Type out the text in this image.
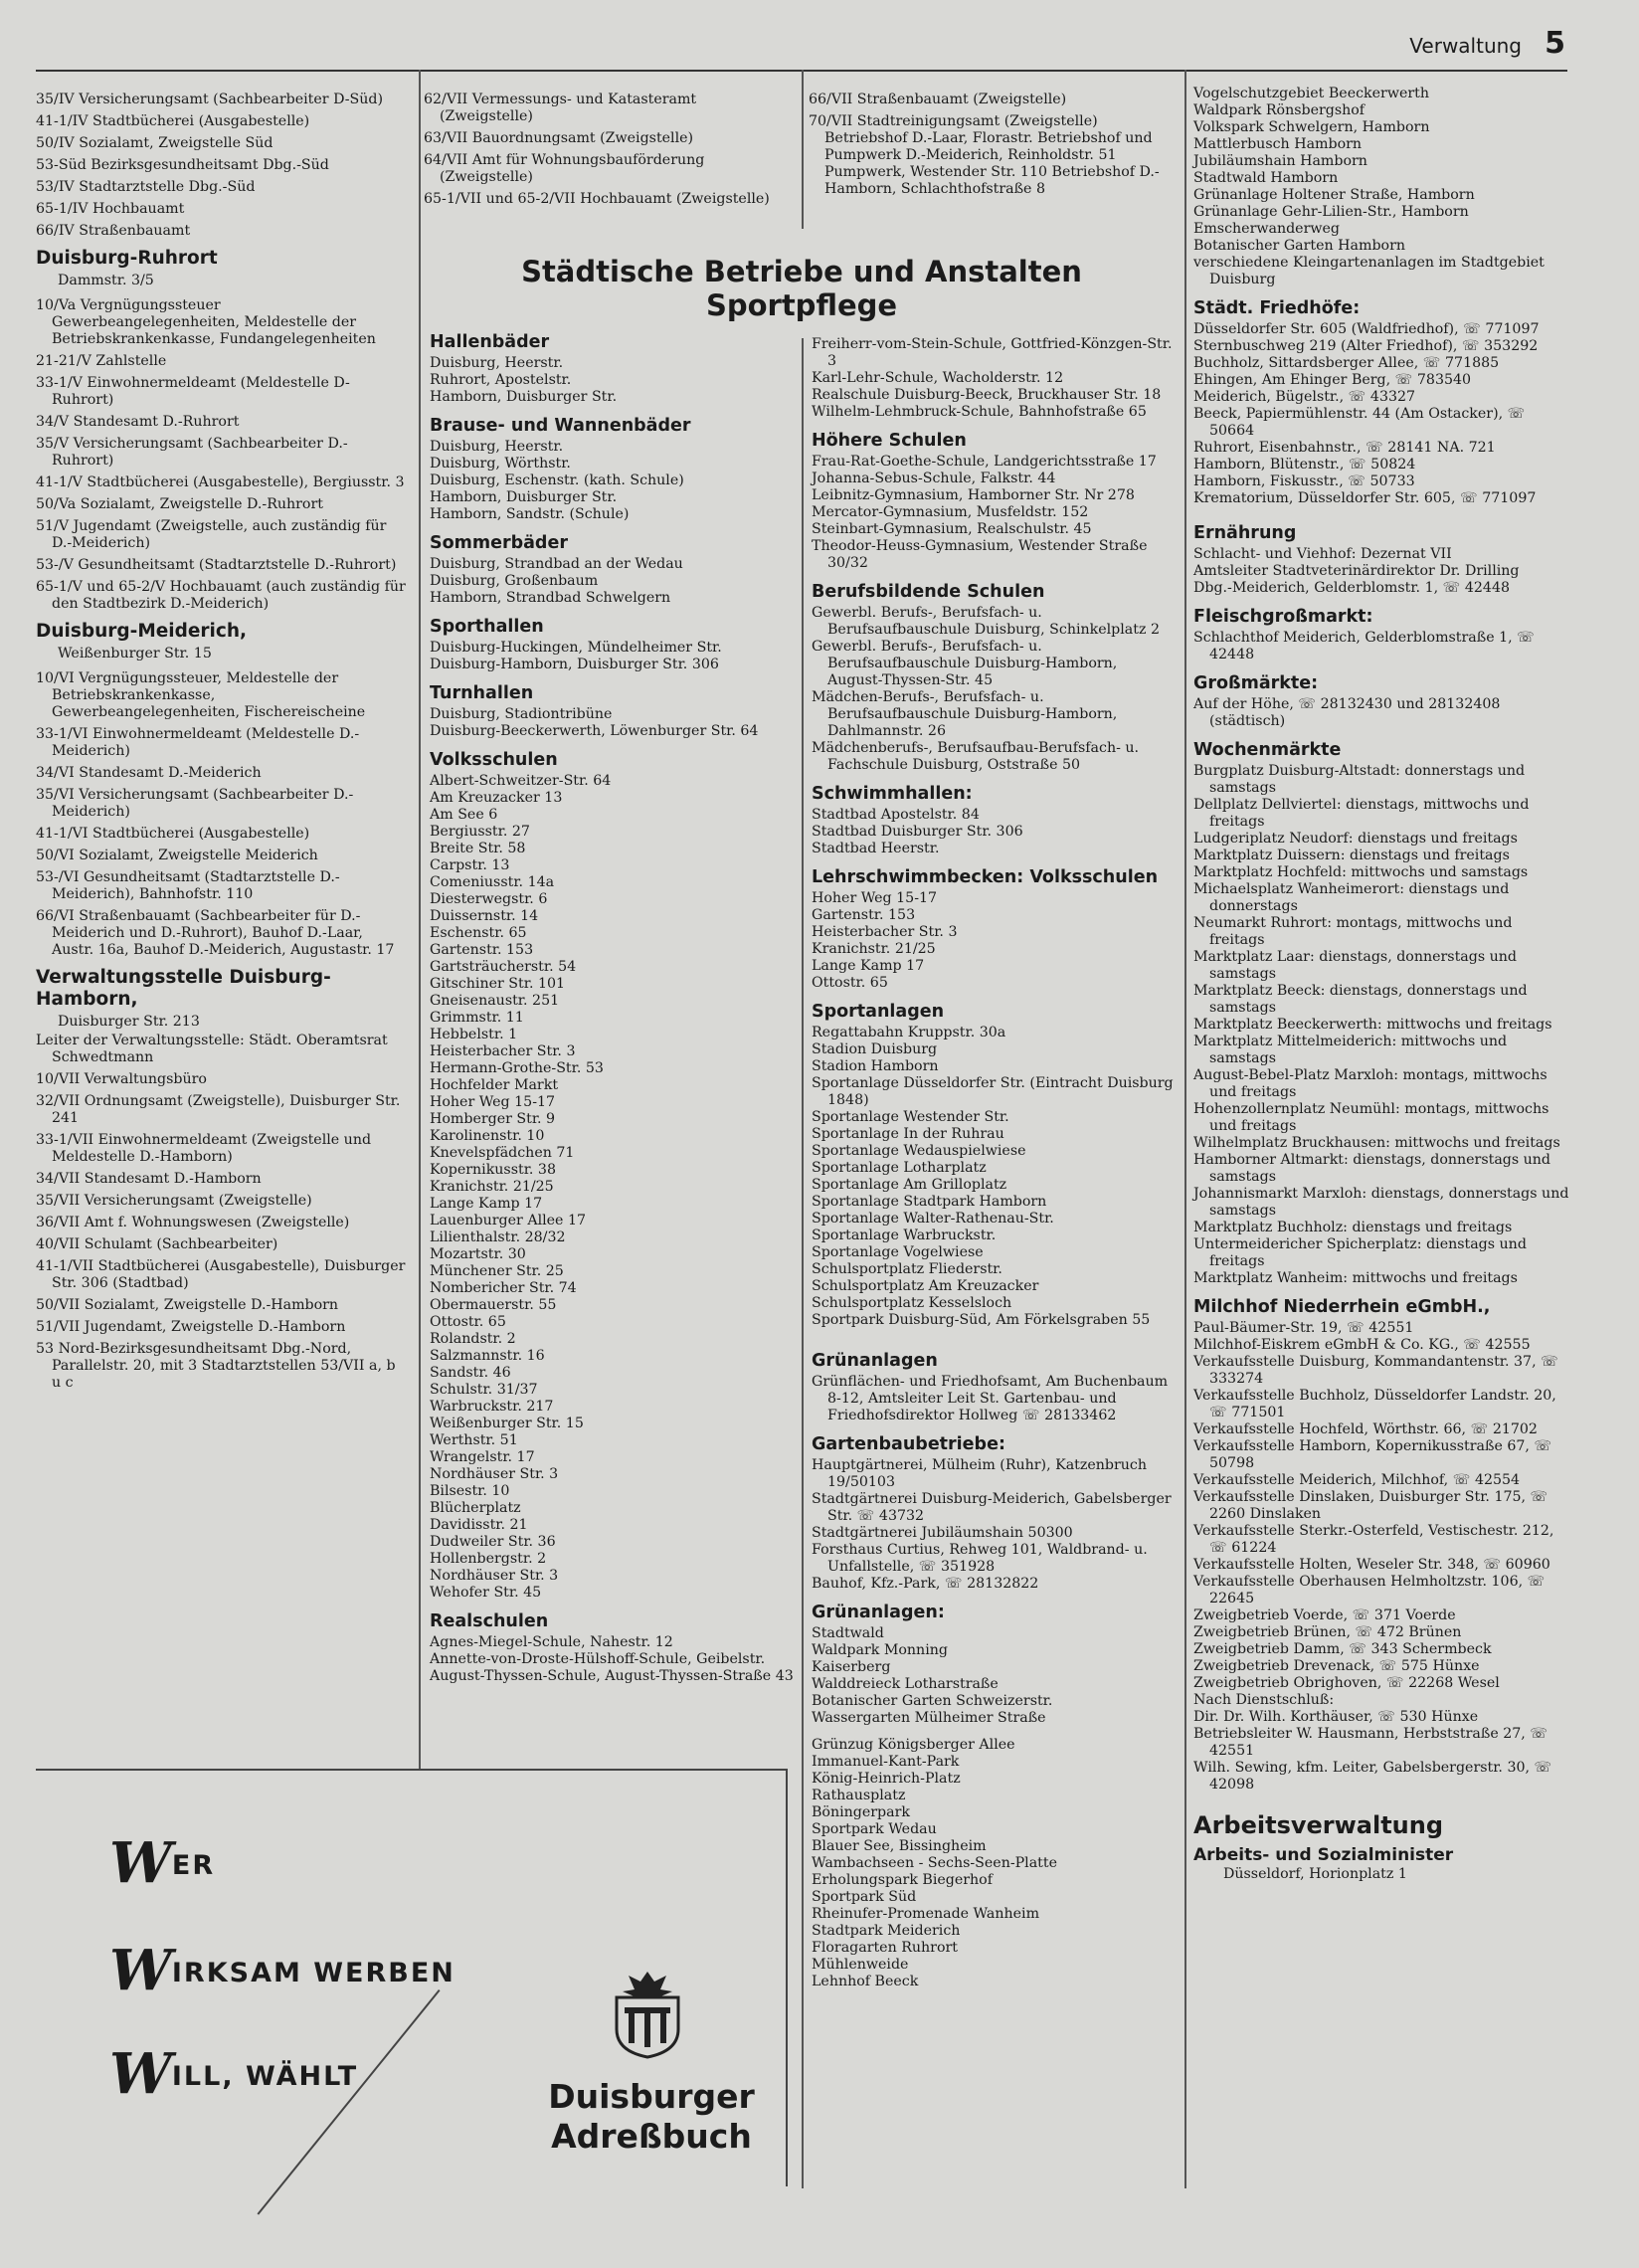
Verwaltung 5
35/IV Versicherungsamt (Sachbearbeiter D-Süd)
41-1/IV Stadtbücherei (Ausgabestelle)
50/IV Sozialamt, Zweigstelle Süd
53-Süd Bezirksgesundheitsamt Dbg.-Süd
53/IV Stadtarztstelle Dbg.-Süd
65-1/IV Hochbauamt
66/IV Straßenbauamt
Duisburg-Ruhrort
Dammstr. 3/5
10/Va Vergnügungssteuer Gewerbeangelegenheiten, Meldestelle der Betriebskrankenkasse, Fundangelegenheiten
21-21/V Zahlstelle
33-1/V Einwohnermeldeamt (Meldestelle D-Ruhrort)
34/V Standesamt D.-Ruhrort
35/V Versicherungsamt (Sachbearbeiter D.-Ruhrort)
41-1/V Stadtbücherei (Ausgabestelle), Bergiusstr. 3
50/Va Sozialamt, Zweigstelle D.-Ruhrort
51/V Jugendamt (Zweigstelle, auch zuständig für D.-Meiderich)
53-/V Gesundheitsamt (Stadtarztstelle D.-Ruhrort)
65-1/V und 65-2/V Hochbauamt (auch zuständig für den Stadtbezirk D.-Meiderich)
Duisburg-Meiderich,
Weißenburger Str. 15
10/VI Vergnügungssteuer, Meldestelle der Betriebskrankenkasse, Gewerbeangelegenheiten, Fischereischeine
33-1/VI Einwohnermeldeamt (Meldestelle D.-Meiderich)
34/VI Standesamt D.-Meiderich
35/VI Versicherungsamt (Sachbearbeiter D.-Meiderich)
41-1/VI Stadtbücherei (Ausgabestelle)
50/VI Sozialamt, Zweigstelle Meiderich
53-/VI Gesundheitsamt (Stadtarztstelle D.-Meiderich), Bahnhofstr. 110
66/VI Straßenbauamt (Sachbearbeiter für D.-Meiderich und D.-Ruhrort), Bauhof D.-Laar, Austr. 16a, Bauhof D.-Meiderich, Augustastr. 17
Verwaltungsstelle Duisburg-Hamborn,
Duisburger Str. 213
Leiter der Verwaltungsstelle: Städt. Oberamtsrat Schwedtmann
10/VII Verwaltungsbüro
32/VII Ordnungsamt (Zweigstelle), Duisburger Str. 241
33-1/VII Einwohnermeldeamt (Zweigstelle und Meldestelle D.-Hamborn)
34/VII Standesamt D.-Hamborn
35/VII Versicherungsamt (Zweigstelle)
36/VII Amt f. Wohnungswesen (Zweigstelle)
40/VII Schulamt (Sachbearbeiter)
41-1/VII Stadtbücherei (Ausgabestelle), Duisburger Str. 306 (Stadtbad)
50/VII Sozialamt, Zweigstelle D.-Hamborn
51/VII Jugendamt, Zweigstelle D.-Hamborn
53 Nord-Bezirksgesundheitsamt Dbg.-Nord, Parallelstr. 20, mit 3 Stadtarztstellen 53/VII a, b u c
62/VII Vermessungs- und Katasteramt (Zweigstelle)
63/VII Bauordnungsamt (Zweigstelle)
64/VII Amt für Wohnungsbauförderung (Zweigstelle)
65-1/VII und 65-2/VII Hochbauamt (Zweigstelle)
66/VII Straßenbauamt (Zweigstelle)
70/VII Stadtreinigungsamt (Zweigstelle) Betriebshof D.-Laar, Florastr. Betriebshof und Pumpwerk D.-Meiderich, Reinholdstr. 51 Pumpwerk, Westender Str. 110 Betriebshof D.-Hamborn, Schlachthofstraße 8
Städtische Betriebe und Anstalten
Sportpflege
Hallenbäder
Duisburg, Heerstr.
Ruhrort, Apostelstr.
Hamborn, Duisburger Str.
Brause- und Wannenbäder
Duisburg, Heerstr.
Duisburg, Wörthstr.
Duisburg, Eschenstr. (kath. Schule)
Hamborn, Duisburger Str.
Hamborn, Sandstr. (Schule)
Sommerbäder
Duisburg, Strandbad an der Wedau
Duisburg, Großenbaum
Hamborn, Strandbad Schwelgern
Sporthallen
Duisburg-Huckingen, Mündelheimer Str.
Duisburg-Hamborn, Duisburger Str. 306
Turnhallen
Duisburg, Stadiontribüne
Duisburg-Beeckerwerth, Löwenburger Str. 64
Volksschulen
Albert-Schweitzer-Str. 64
Am Kreuzacker 13
Am See 6
Bergiusstr. 27
Breite Str. 58
Carpstr. 13
Comeniusstr. 14a
Diesterwegstr. 6
Duissernstr. 14
Eschenstr. 65
Gartenstr. 153
Gartsträucherstr. 54
Gitschiner Str. 101
Gneisenaustr. 251
Grimmstr. 11
Hebbelstr. 1
Heisterbacher Str. 3
Hermann-Grothe-Str. 53
Hochfelder Markt
Hoher Weg 15-17
Homberger Str. 9
Karolinenstr. 10
Knevelspfädchen 71
Kopernikusstr. 38
Kranichstr. 21/25
Lange Kamp 17
Lauenburger Allee 17
Lilienthalstr. 28/32
Mozartstr. 30
Münchener Str. 25
Nombericher Str. 74
Obermauerstr. 55
Ottostr. 65
Rolandstr. 2
Salzmannstr. 16
Sandstr. 46
Schulstr. 31/37
Warbruckstr. 217
Weißenburger Str. 15
Werthstr. 51
Wrangelstr. 17
Nordhäuser Str. 3
Bilsestr. 10
Blücherplatz
Davidisstr. 21
Dudweiler Str. 36
Hollenbergstr. 2
Nordhäuser Str. 3
Wehofer Str. 45
Realschulen
Agnes-Miegel-Schule, Nahestr. 12
Annette-von-Droste-Hülshoff-Schule, Geibelstr.
August-Thyssen-Schule, August-Thyssen-Straße 43
Freiherr-vom-Stein-Schule, Gottfried-Könzgen-Str. 3
Karl-Lehr-Schule, Wacholderstr. 12
Realschule Duisburg-Beeck, Bruckhauser Str. 18
Wilhelm-Lehmbruck-Schule, Bahnhofstraße 65
Höhere Schulen
Frau-Rat-Goethe-Schule, Landgerichtsstraße 17
Johanna-Sebus-Schule, Falkstr. 44
Leibnitz-Gymnasium, Hamborner Str. Nr 278
Mercator-Gymnasium, Musfeldstr. 152
Steinbart-Gymnasium, Realschulstr. 45
Theodor-Heuss-Gymnasium, Westender Straße 30/32
Berufsbildende Schulen
Gewerbl. Berufs-, Berufsfach- u. Berufsaufbauschule Duisburg, Schinkelplatz 2
Gewerbl. Berufs-, Berufsfach- u. Berufsaufbauschule Duisburg-Hamborn, August-Thyssen-Str. 45
Mädchen-Berufs-, Berufsfach- u. Berufsaufbauschule Duisburg-Hamborn, Dahlmannstr. 26
Mädchenberufs-, Berufsaufbau-Berufsfach- u. Fachschule Duisburg, Oststraße 50
Schwimmhallen:
Stadtbad Apostelstr. 84
Stadtbad Duisburger Str. 306
Stadtbad Heerstr.
Lehrschwimmbecken: Volksschulen
Hoher Weg 15-17
Gartenstr. 153
Heisterbacher Str. 3
Kranichstr. 21/25
Lange Kamp 17
Ottostr. 65
Sportanlagen
Regattabahn Kruppstr. 30a
Stadion Duisburg
Stadion Hamborn
Sportanlage Düsseldorfer Str. (Eintracht Duisburg 1848)
Sportanlage Westender Str.
Sportanlage In der Ruhrau
Sportanlage Wedauspielwiese
Sportanlage Lotharplatz
Sportanlage Am Grilloplatz
Sportanlage Stadtpark Hamborn
Sportanlage Walter-Rathenau-Str.
Sportanlage Warbruckstr.
Sportanlage Vogelwiese
Schulsportplatz Fliederstr.
Schulsportplatz Am Kreuzacker
Schulsportplatz Kesselsloch
Sportpark Duisburg-Süd, Am Förkelsgraben 55
Grünanlagen
Grünflächen- und Friedhofsamt, Am Buchenbaum 8-12, Amtsleiter Leit St. Gartenbau- und Friedhofsdirektor Hollweg ☏ 28133462
Gartenbaubetriebe:
Hauptgärtnerei, Mülheim (Ruhr), Katzenbruch 19/50103
Stadtgärtnerei Duisburg-Meiderich, Gabelsberger Str. ☏ 43732
Stadtgärtnerei Jubiläumshain 50300
Forsthaus Curtius, Rehweg 101, Waldbrand- u. Unfallstelle, ☏ 351928
Bauhof, Kfz.-Park, ☏ 28132822
Grünanlagen:
Stadtwald
Waldpark Monning
Kaiserberg
Walddreieck Lotharstraße
Botanischer Garten Schweizerstr.
Wassergarten Mülheimer Straße
Grünzug Königsberger Allee
Immanuel-Kant-Park
König-Heinrich-Platz
Rathausplatz
Böningerpark
Sportpark Wedau
Blauer See, Bissingheim
Wambachseen - Sechs-Seen-Platte
Erholungspark Biegerhof
Sportpark Süd
Rheinufer-Promenade Wanheim
Stadtpark Meiderich
Floragarten Ruhrort
Mühlenweide
Lehnhof Beeck
Vogelschutzgebiet Beeckerwerth
Waldpark Rönsbergshof
Volkspark Schwelgern, Hamborn
Mattlerbusch Hamborn
Jubiläumshain Hamborn
Stadtwald Hamborn
Grünanlage Holtener Straße, Hamborn
Grünanlage Gehr-Lilien-Str., Hamborn
Emscherwanderweg
Botanischer Garten Hamborn
verschiedene Kleingartenanlagen im Stadtgebiet Duisburg
Städt. Friedhöfe:
Düsseldorfer Str. 605 (Waldfriedhof), ☏ 771097
Sternbuschweg 219 (Alter Friedhof), ☏ 353292
Buchholz, Sittardsberger Allee, ☏ 771885
Ehingen, Am Ehinger Berg, ☏ 783540
Meiderich, Bügelstr., ☏ 43327
Beeck, Papiermühlenstr. 44 (Am Ostacker), ☏ 50664
Ruhrort, Eisenbahnstr., ☏ 28141 NA. 721
Hamborn, Blütenstr., ☏ 50824
Hamborn, Fiskusstr., ☏ 50733
Krematorium, Düsseldorfer Str. 605, ☏ 771097
Ernährung
Schlacht- und Viehhof: Dezernat VII
Amtsleiter Stadtveterinärdirektor Dr. Drilling
Dbg.-Meiderich, Gelderblomstr. 1, ☏ 42448
Fleischgroßmarkt:
Schlachthof Meiderich, Gelderblomstraße 1, ☏ 42448
Großmärkte:
Auf der Höhe, ☏ 28132430 und 28132408 (städtisch)
Wochenmärkte
Burgplatz Duisburg-Altstadt: donnerstags und samstags
Dellplatz Dellviertel: dienstags, mittwochs und freitags
Ludgeriplatz Neudorf: dienstags und freitags
Marktplatz Duissern: dienstags und freitags
Marktplatz Hochfeld: mittwochs und samstags
Michaelsplatz Wanheimerort: dienstags und donnerstags
Neumarkt Ruhrort: montags, mittwochs und freitags
Marktplatz Laar: dienstags, donnerstags und samstags
Marktplatz Beeck: dienstags, donnerstags und samstags
Marktplatz Beeckerwerth: mittwochs und freitags
Marktplatz Mittelmeiderich: mittwochs und samstags
August-Bebel-Platz Marxloh: montags, mittwochs und freitags
Hohenzollernplatz Neumühl: montags, mittwochs und freitags
Wilhelmplatz Bruckhausen: mittwochs und freitags
Hamborner Altmarkt: dienstags, donnerstags und samstags
Johannismarkt Marxloh: dienstags, donnerstags und samstags
Marktplatz Buchholz: dienstags und freitags
Untermeidericher Spicherplatz: dienstags und freitags
Marktplatz Wanheim: mittwochs und freitags
Milchhof Niederrhein eGmbH.,
Paul-Bäumer-Str. 19, ☏ 42551
Milchhof-Eiskrem eGmbH & Co. KG., ☏ 42555
Verkaufsstelle Duisburg, Kommandantenstr. 37, ☏ 333274
Verkaufsstelle Buchholz, Düsseldorfer Landstr. 20, ☏ 771501
Verkaufsstelle Hochfeld, Wörthstr. 66, ☏ 21702
Verkaufsstelle Hamborn, Kopernikusstraße 67, ☏ 50798
Verkaufsstelle Meiderich, Milchhof, ☏ 42554
Verkaufsstelle Dinslaken, Duisburger Str. 175, ☏ 2260 Dinslaken
Verkaufsstelle Sterkr.-Osterfeld, Vestischestr. 212, ☏ 61224
Verkaufsstelle Holten, Weseler Str. 348, ☏ 60960
Verkaufsstelle Oberhausen Helmholtzstr. 106, ☏ 22645
Zweigbetrieb Voerde, ☏ 371 Voerde
Zweigbetrieb Brünen, ☏ 472 Brünen
Zweigbetrieb Damm, ☏ 343 Schermbeck
Zweigbetrieb Drevenack, ☏ 575 Hünxe
Zweigbetrieb Obrighoven, ☏ 22268 Wesel
Nach Dienstschluß:
Dir. Dr. Wilh. Korthäuser, ☏ 530 Hünxe
Betriebsleiter W. Hausmann, Herbststraße 27, ☏ 42551
Wilh. Sewing, kfm. Leiter, Gabelsbergerstr. 30, ☏ 42098
Arbeitsverwaltung
Arbeits- und Sozialminister
Düsseldorf, Horionplatz 1
WER
WIRKSAM WERBEN
WILL, WÄHLT
Duisburger
Adreßbuch
